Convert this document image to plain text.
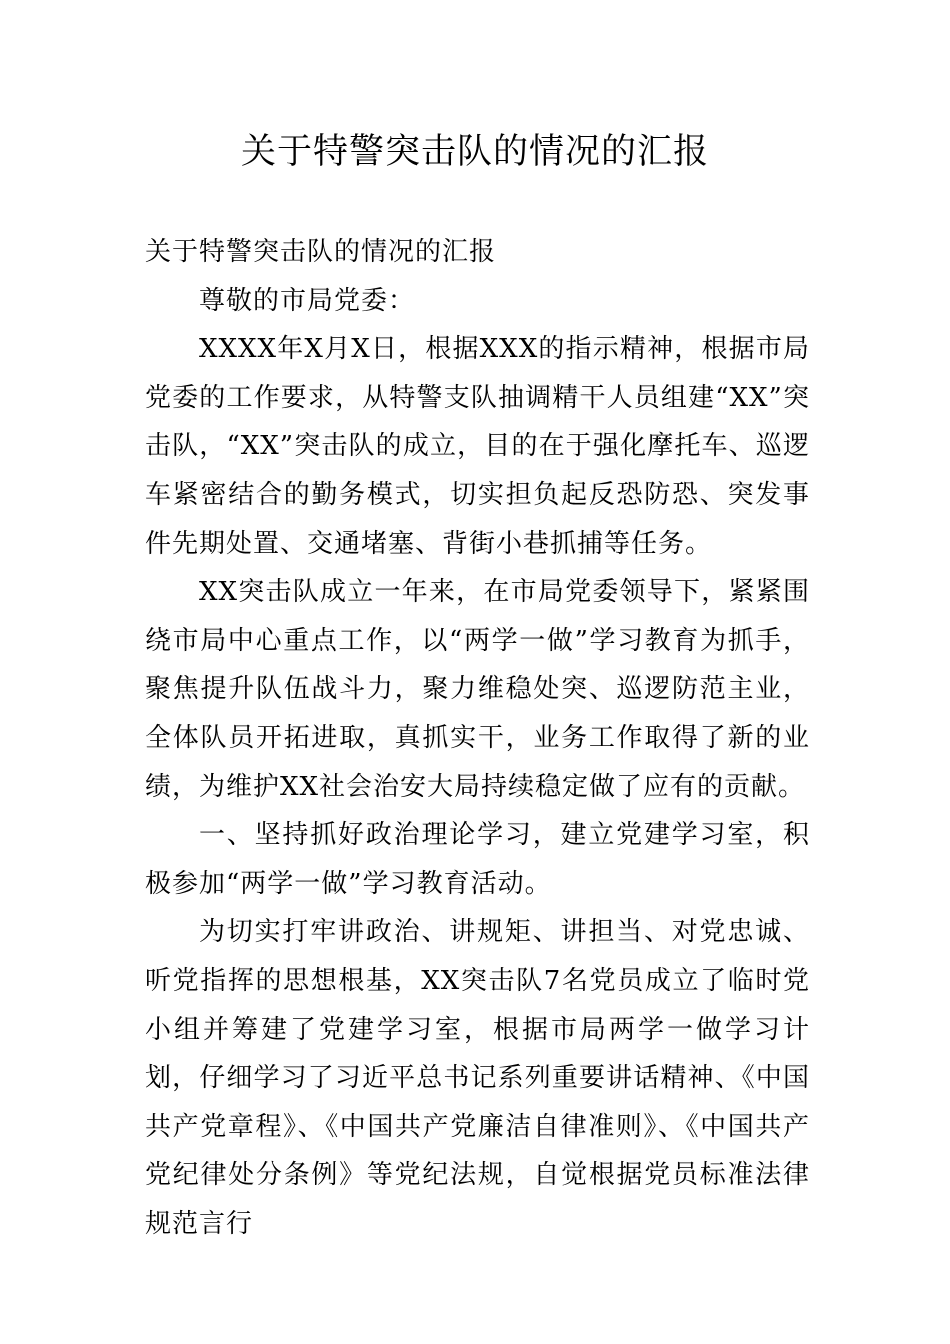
关于特警突击队的情况的汇报

关于特警突击队的情况的汇报

尊敬的市局党委：

XXXX年X月X日，根据XXX的指示精神，根据市局党委的工作要求，从特警支队抽调精干人员组建“XX”突击队，“XX”突击队的成立，目的在于强化摩托车、巡逻车紧密结合的勤务模式，切实担负起反恐防恐、突发事件先期处置、交通堵塞、背街小巷抓捕等任务。

XX突击队成立一年来，在市局党委领导下，紧紧围绕市局中心重点工作，以“两学一做”学习教育为抓手，聚焦提升队伍战斗力，聚力维稳处突、巡逻防范主业，全体队员开拓进取，真抓实干，业务工作取得了新的业绩，为维护XX社会治安大局持续稳定做了应有的贡献。

一、坚持抓好政治理论学习，建立党建学习室，积极参加“两学一做”学习教育活动。

为切实打牢讲政治、讲规矩、讲担当、对党忠诚、听党指挥的思想根基，XX突击队7名党员成立了临时党小组并筹建了党建学习室，根据市局两学一做学习计划，仔细学习了习近平总书记系列重要讲话精神、《中国共产党章程》、《中国共产党廉洁自律准则》、《中国共产党纪律处分条例》等党纪法规，自觉根据党员标准法律规范言行
